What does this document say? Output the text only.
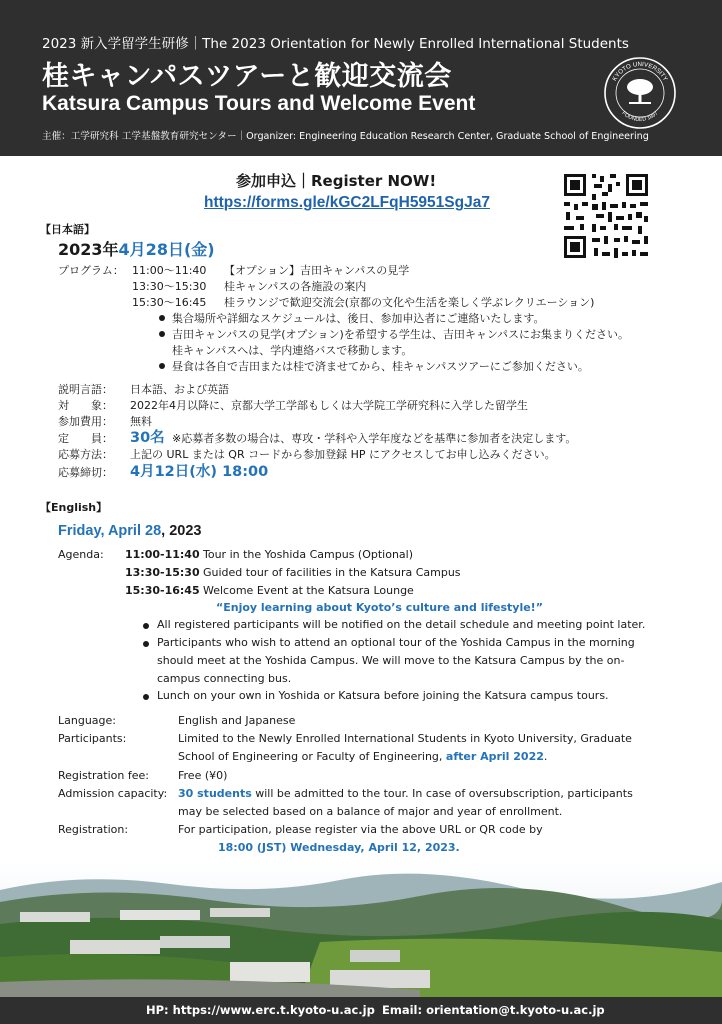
2023 新入学留学生研修｜The 2023 Orientation for Newly Enrolled International Students
桂キャンパスツアーと歓迎交流会
Katsura Campus Tours and Welcome Event
主催：工学研究科 工学基盤教育研究センター｜Organizer: Engineering Education Research Center, Graduate School of Engineering
KYOTO UNIVERSITY
FOUNDED 1897
参加申込｜Register NOW!
https://forms.gle/kGC2LFqH5951SgJa7
【日本語】
2023年4月28日(金)
プログラム： 11:00～11:40 【オプション】吉田キャンパスの見学
13:30～15:30 桂キャンパスの各施設の案内
15:30～16:45 桂ラウンジで歓迎交流会(京都の文化や生活を楽しく学ぶレクリエーション)
集合場所や詳細なスケジュールは、後日、参加申込者にご連絡いたします。
吉田キャンパスの見学(オプション)を希望する学生は、吉田キャンパスにお集まりください。
桂キャンパスへは、学内連絡バスで移動します。
昼食は各自で吉田または桂で済ませてから、桂キャンパスツアーにご参加ください。
説明言語： 日本語、および英語
対　　象： 2022年4月以降に、京都大学工学部もしくは大学院工学研究科に入学した留学生
参加費用： 無料
定　　員： 30名 ※応募者多数の場合は、専攻・学科や入学年度などを基準に参加者を決定します。
応募方法： 上記の URL または QR コードから参加登録 HP にアクセスしてお申し込みください。
応募締切： 4月12日(水) 18:00
【English】
Friday, April 28, 2023
Agenda: 11:00-11:40 Tour in the Yoshida Campus (Optional)
13:30-15:30 Guided tour of facilities in the Katsura Campus
15:30-16:45 Welcome Event at the Katsura Lounge
“Enjoy learning about Kyoto’s culture and lifestyle!”
All registered participants will be notified on the detail schedule and meeting point later.
Participants who wish to attend an optional tour of the Yoshida Campus in the morning
should meet at the Yoshida Campus. We will move to the Katsura Campus by the on-
campus connecting bus.
Lunch on your own in Yoshida or Katsura before joining the Katsura campus tours.
Language:	English and Japanese
Participants:	Limited to the Newly Enrolled International Students in Kyoto University, Graduate
School of Engineering or Faculty of Engineering, after April 2022.
Registration fee:	Free (¥0)
Admission capacity: 30 students will be admitted to the tour. In case of oversubscription, participants
may be selected based on a balance of major and year of enrollment.
Registration:	For participation, please register via the above URL or QR code by
18:00 (JST) Wednesday, April 12, 2023.
HP: https://www.erc.t.kyoto-u.ac.jp Email: orientation@t.kyoto-u.ac.jp
